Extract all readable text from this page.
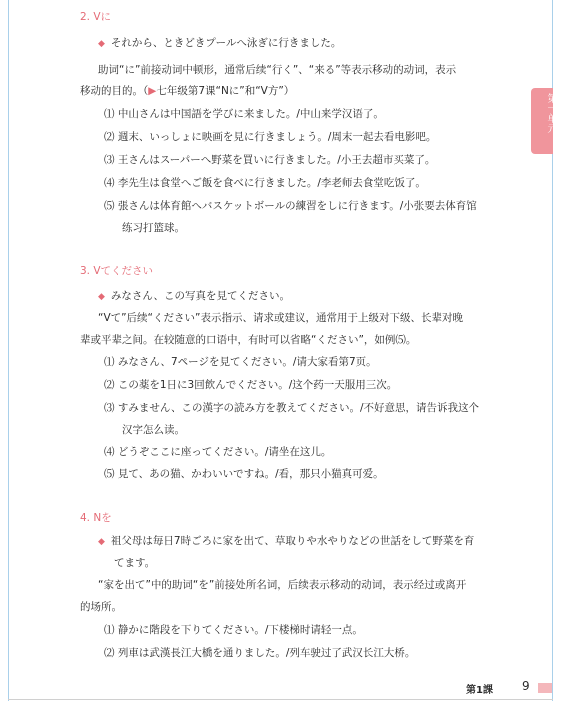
2. Vに
◆ それから、ときどきプールへ泳ぎに行きました。
助词“に”前接动词中顿形，通常后续“行く”、“来る”等表示移动的动词，表示
移动的目的。（▶七年级第7课“Nに”和“V方”）
⑴ 中山さんは中国語を学びに来ました。/中山来学汉语了。
⑵ 週末、いっしょに映画を見に行きましょう。/周末一起去看电影吧。
⑶ 王さんはスーパーへ野菜を買いに行きました。/小王去超市买菜了。
⑷ 李先生は食堂へご飯を食べに行きました。/李老师去食堂吃饭了。
⑸ 張さんは体育館へバスケットボールの練習をしに行きます。/小张要去体育馆
练习打篮球。
3. Vてください
◆ みなさん、この写真を見てください。
“Vて”后续“ください”表示指示、请求或建议，通常用于上级对下级、长辈对晚
辈或平辈之间。在较随意的口语中，有时可以省略“ください”，如例⑸。
⑴ みなさん、7ページを見てください。/请大家看第7页。
⑵ この薬を1日に3回飲んでください。/这个药一天服用三次。
⑶ すみません、この漢字の読み方を教えてください。/不好意思，请告诉我这个
汉字怎么读。
⑷ どうぞここに座ってください。/请坐在这儿。
⑸ 見て、あの猫、かわいいですね。/看，那只小猫真可爱。
4. Nを
◆ 祖父母は毎日7時ごろに家を出て、草取りや水やりなどの世話をして野菜を育
てます。
“家を出て”中的助词“を”前接处所名词，后续表示移动的动词，表示经过或离开
的场所。
⑴ 静かに階段を下りてください。/下楼梯时请轻一点。
⑵ 列車は武漢長江大橋を通りました。/列车驶过了武汉长江大桥。
第一单元
第1課 9
